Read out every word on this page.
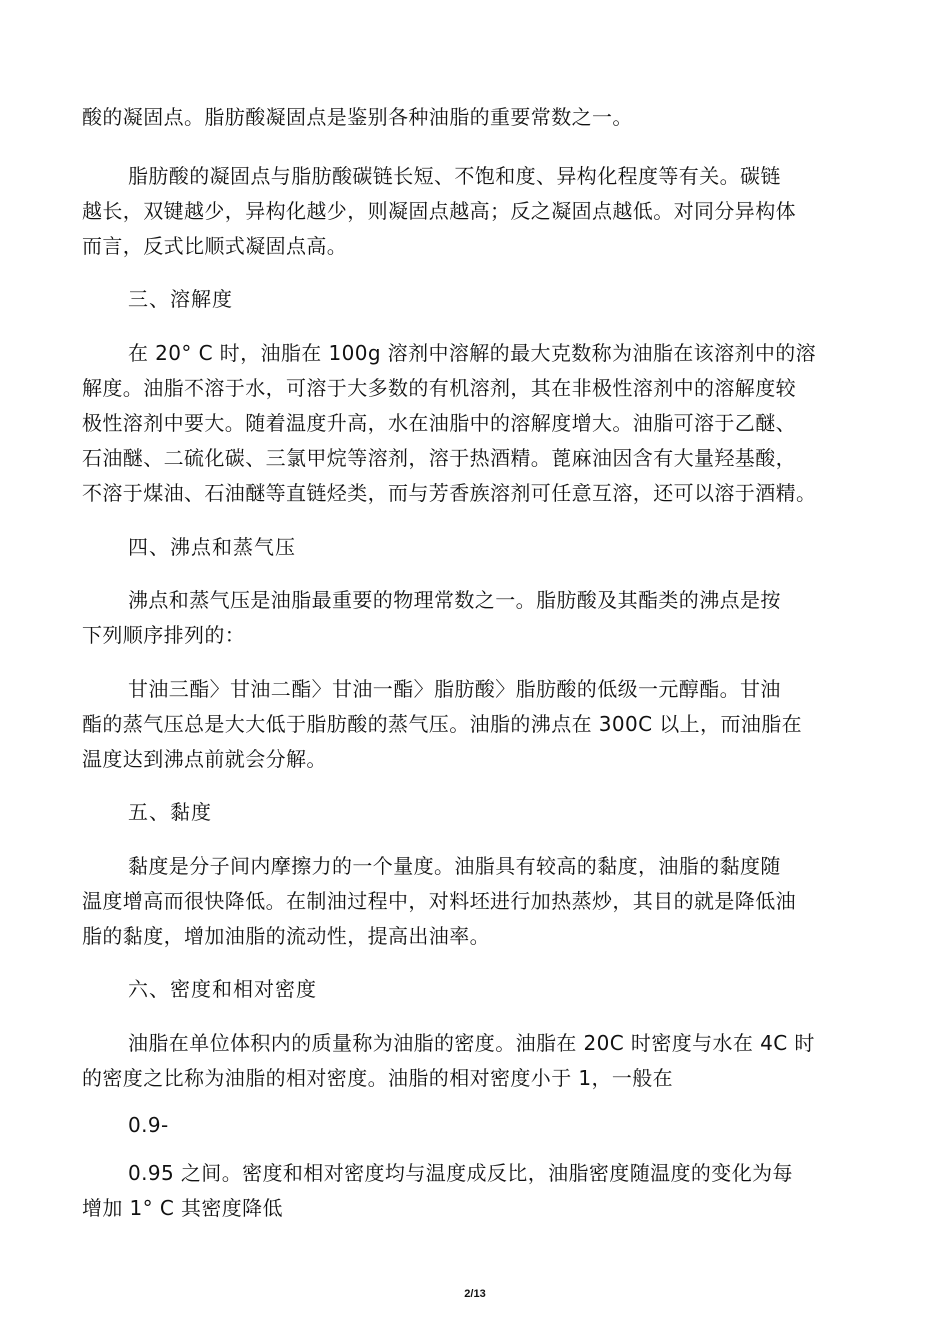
酸的凝固点。脂肪酸凝固点是鉴别各种油脂的重要常数之一。

脂肪酸的凝固点与脂肪酸碳链长短、不饱和度、异构化程度等有关。碳链

越长，双键越少，异构化越少，则凝固点越高；反之凝固点越低。对同分异构体

而言，反式比顺式凝固点高。

三、溶解度

在 20° C 时，油脂在 100g 溶剂中溶解的最大克数称为油脂在该溶剂中的溶

解度。油脂不溶于水，可溶于大多数的有机溶剂，其在非极性溶剂中的溶解度较

极性溶剂中要大。随着温度升高，水在油脂中的溶解度增大。油脂可溶于乙醚、

石油醚、二硫化碳、三氯甲烷等溶剂，溶于热酒精。蓖麻油因含有大量羟基酸，

不溶于煤油、石油醚等直链烃类，而与芳香族溶剂可任意互溶，还可以溶于酒精。

四、沸点和蒸气压

沸点和蒸气压是油脂最重要的物理常数之一。脂肪酸及其酯类的沸点是按

下列顺序排列的：

甘油三酯〉甘油二酯〉甘油一酯〉脂肪酸〉脂肪酸的低级一元醇酯。甘油

酯的蒸气压总是大大低于脂肪酸的蒸气压。油脂的沸点在 300C 以上，而油脂在

温度达到沸点前就会分解。

五、黏度

黏度是分子间内摩擦力的一个量度。油脂具有较高的黏度，油脂的黏度随

温度增高而很快降低。在制油过程中，对料坯进行加热蒸炒，其目的就是降低油

脂的黏度，增加油脂的流动性，提高出油率。

六、密度和相对密度

油脂在单位体积内的质量称为油脂的密度。油脂在 20C 时密度与水在 4C 时

的密度之比称为油脂的相对密度。油脂的相对密度小于 1，一般在

0.9-

0.95 之间。密度和相对密度均与温度成反比，油脂密度随温度的变化为每

增加 1° C 其密度降低

2/13
